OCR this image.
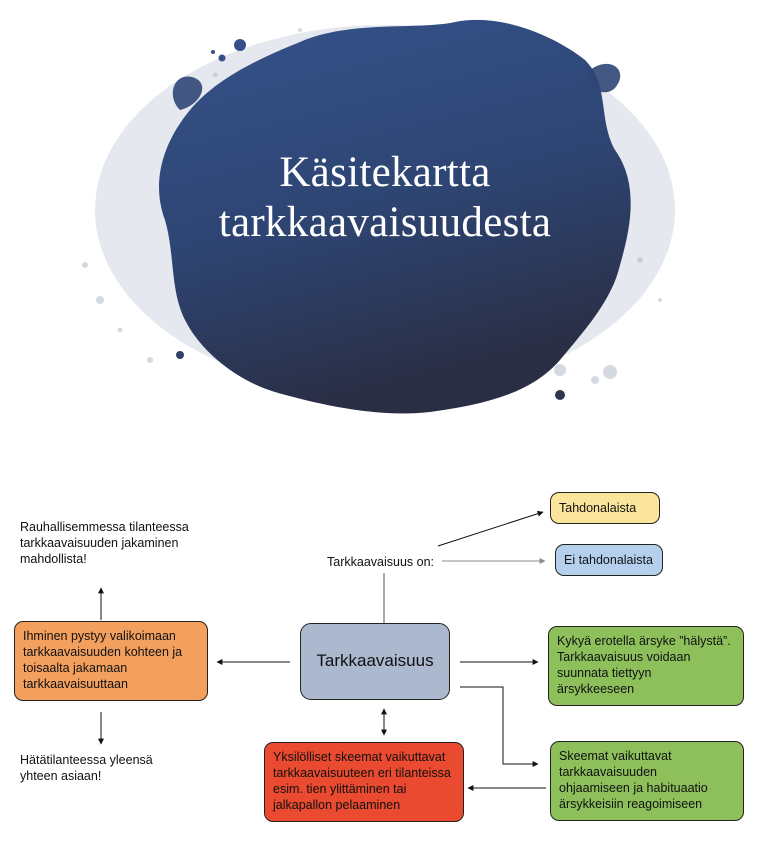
Käsitekartta
tarkkaavaisuudesta
Rauhallisemmessa tilanteessa
tarkkaavaisuuden jakaminen
mahdollista!	Tarkkaavaisuus on:
Tahdonalaista
Ei tahdonalaista
Ihminen pystyy valikoimaan
tarkkaavaisuuden kohteen ja
toisaalta jakamaan
tarkkaavaisuuttaan
Tarkkaavaisuus
Kykyä erotella ärsyke ”hälystä”.
Tarkkaavaisuus voidaan
suunnata tiettyyn
ärsykkeeseen
Hätätilanteessa yleensä
yhteen asiaan!
Yksilölliset skeemat vaikuttavat
tarkkaavaisuuteen eri tilanteissa
esim. tien ylittäminen tai
jalkapallon pelaaminen
Skeemat vaikuttavat
tarkkaavaisuuden
ohjaamiseen ja habituaatio
ärsykkeisiin reagoimiseen
